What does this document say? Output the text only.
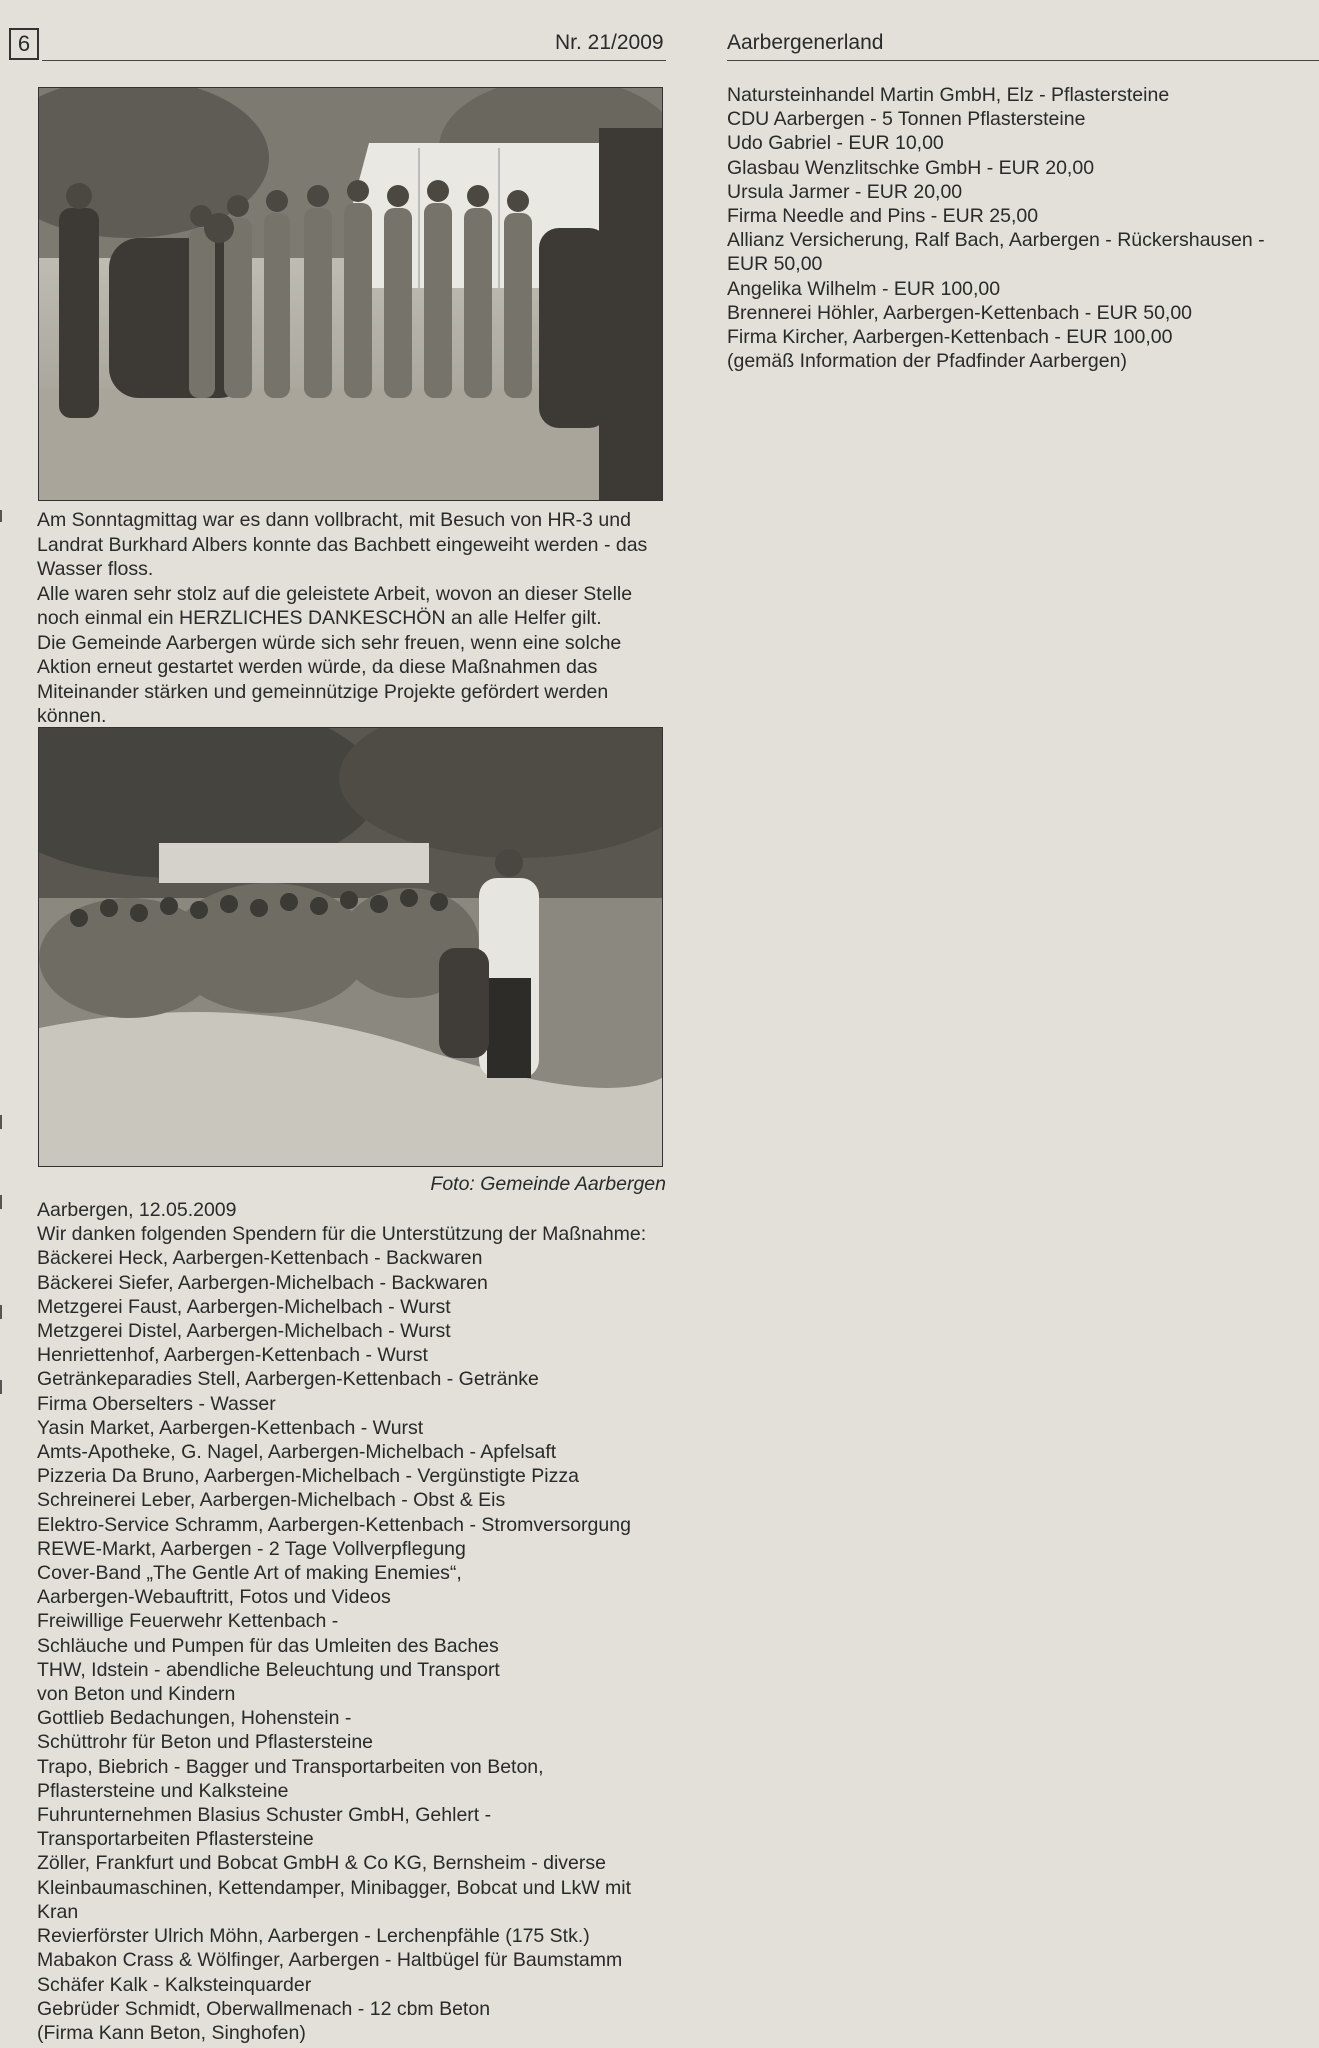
6	Nr. 21/2009	Aarbergenerland

Am Sonntagmittag war es dann vollbracht, mit Besuch von HR-3 und Landrat Burkhard Albers konnte das Bachbett eingeweiht werden - das Wasser floss.
Alle waren sehr stolz auf die geleistete Arbeit, wovon an dieser Stelle noch einmal ein HERZLICHES DANKESCHÖN an alle Helfer gilt.
Die Gemeinde Aarbergen würde sich sehr freuen, wenn eine solche Aktion erneut gestartet werden würde, da diese Maßnahmen das Miteinander stärken und gemeinnützige Projekte gefördert werden können.

Foto: Gemeinde Aarbergen
Aarbergen, 12.05.2009
Wir danken folgenden Spendern für die Unterstützung der Maßnahme:
Bäckerei Heck, Aarbergen-Kettenbach - Backwaren
Bäckerei Siefer, Aarbergen-Michelbach - Backwaren
Metzgerei Faust, Aarbergen-Michelbach - Wurst
Metzgerei Distel, Aarbergen-Michelbach - Wurst
Henriettenhof, Aarbergen-Kettenbach - Wurst
Getränkeparadies Stell, Aarbergen-Kettenbach - Getränke
Firma Oberselters - Wasser
Yasin Market, Aarbergen-Kettenbach - Wurst
Amts-Apotheke, G. Nagel, Aarbergen-Michelbach - Apfelsaft
Pizzeria Da Bruno, Aarbergen-Michelbach - Vergünstigte Pizza
Schreinerei Leber, Aarbergen-Michelbach - Obst & Eis
Elektro-Service Schramm, Aarbergen-Kettenbach - Stromversorgung
REWE-Markt, Aarbergen - 2 Tage Vollverpflegung
Cover-Band „The Gentle Art of making Enemies“,
Aarbergen-Webauftritt, Fotos und Videos
Freiwillige Feuerwehr Kettenbach -
Schläuche und Pumpen für das Umleiten des Baches
THW, Idstein - abendliche Beleuchtung und Transport
von Beton und Kindern
Gottlieb Bedachungen, Hohenstein -
Schüttrohr für Beton und Pflastersteine
Trapo, Biebrich - Bagger und Transportarbeiten von Beton,
Pflastersteine und Kalksteine
Fuhrunternehmen Blasius Schuster GmbH, Gehlert -
Transportarbeiten Pflastersteine
Zöller, Frankfurt und Bobcat GmbH & Co KG, Bernsheim - diverse Kleinbaumaschinen, Kettendamper, Minibagger, Bobcat und LkW mit Kran
Revierförster Ulrich Möhn, Aarbergen - Lerchenpfähle (175 Stk.)
Mabakon Crass & Wölfinger, Aarbergen - Haltbügel für Baumstamm
Schäfer Kalk - Kalksteinquarder
Gebrüder Schmidt, Oberwallmenach - 12 cbm Beton
(Firma Kann Beton, Singhofen)
Natursteinhandel Martin GmbH, Elz - Pflastersteine
CDU Aarbergen - 5 Tonnen Pflastersteine
Udo Gabriel - EUR 10,00
Glasbau Wenzlitschke GmbH - EUR 20,00
Ursula Jarmer - EUR 20,00
Firma Needle and Pins - EUR 25,00
Allianz Versicherung, Ralf Bach, Aarbergen - Rückershausen -
EUR 50,00
Angelika Wilhelm - EUR 100,00
Brennerei Höhler, Aarbergen-Kettenbach - EUR 50,00
Firma Kircher, Aarbergen-Kettenbach - EUR 100,00
(gemäß Information der Pfadfinder Aarbergen)
